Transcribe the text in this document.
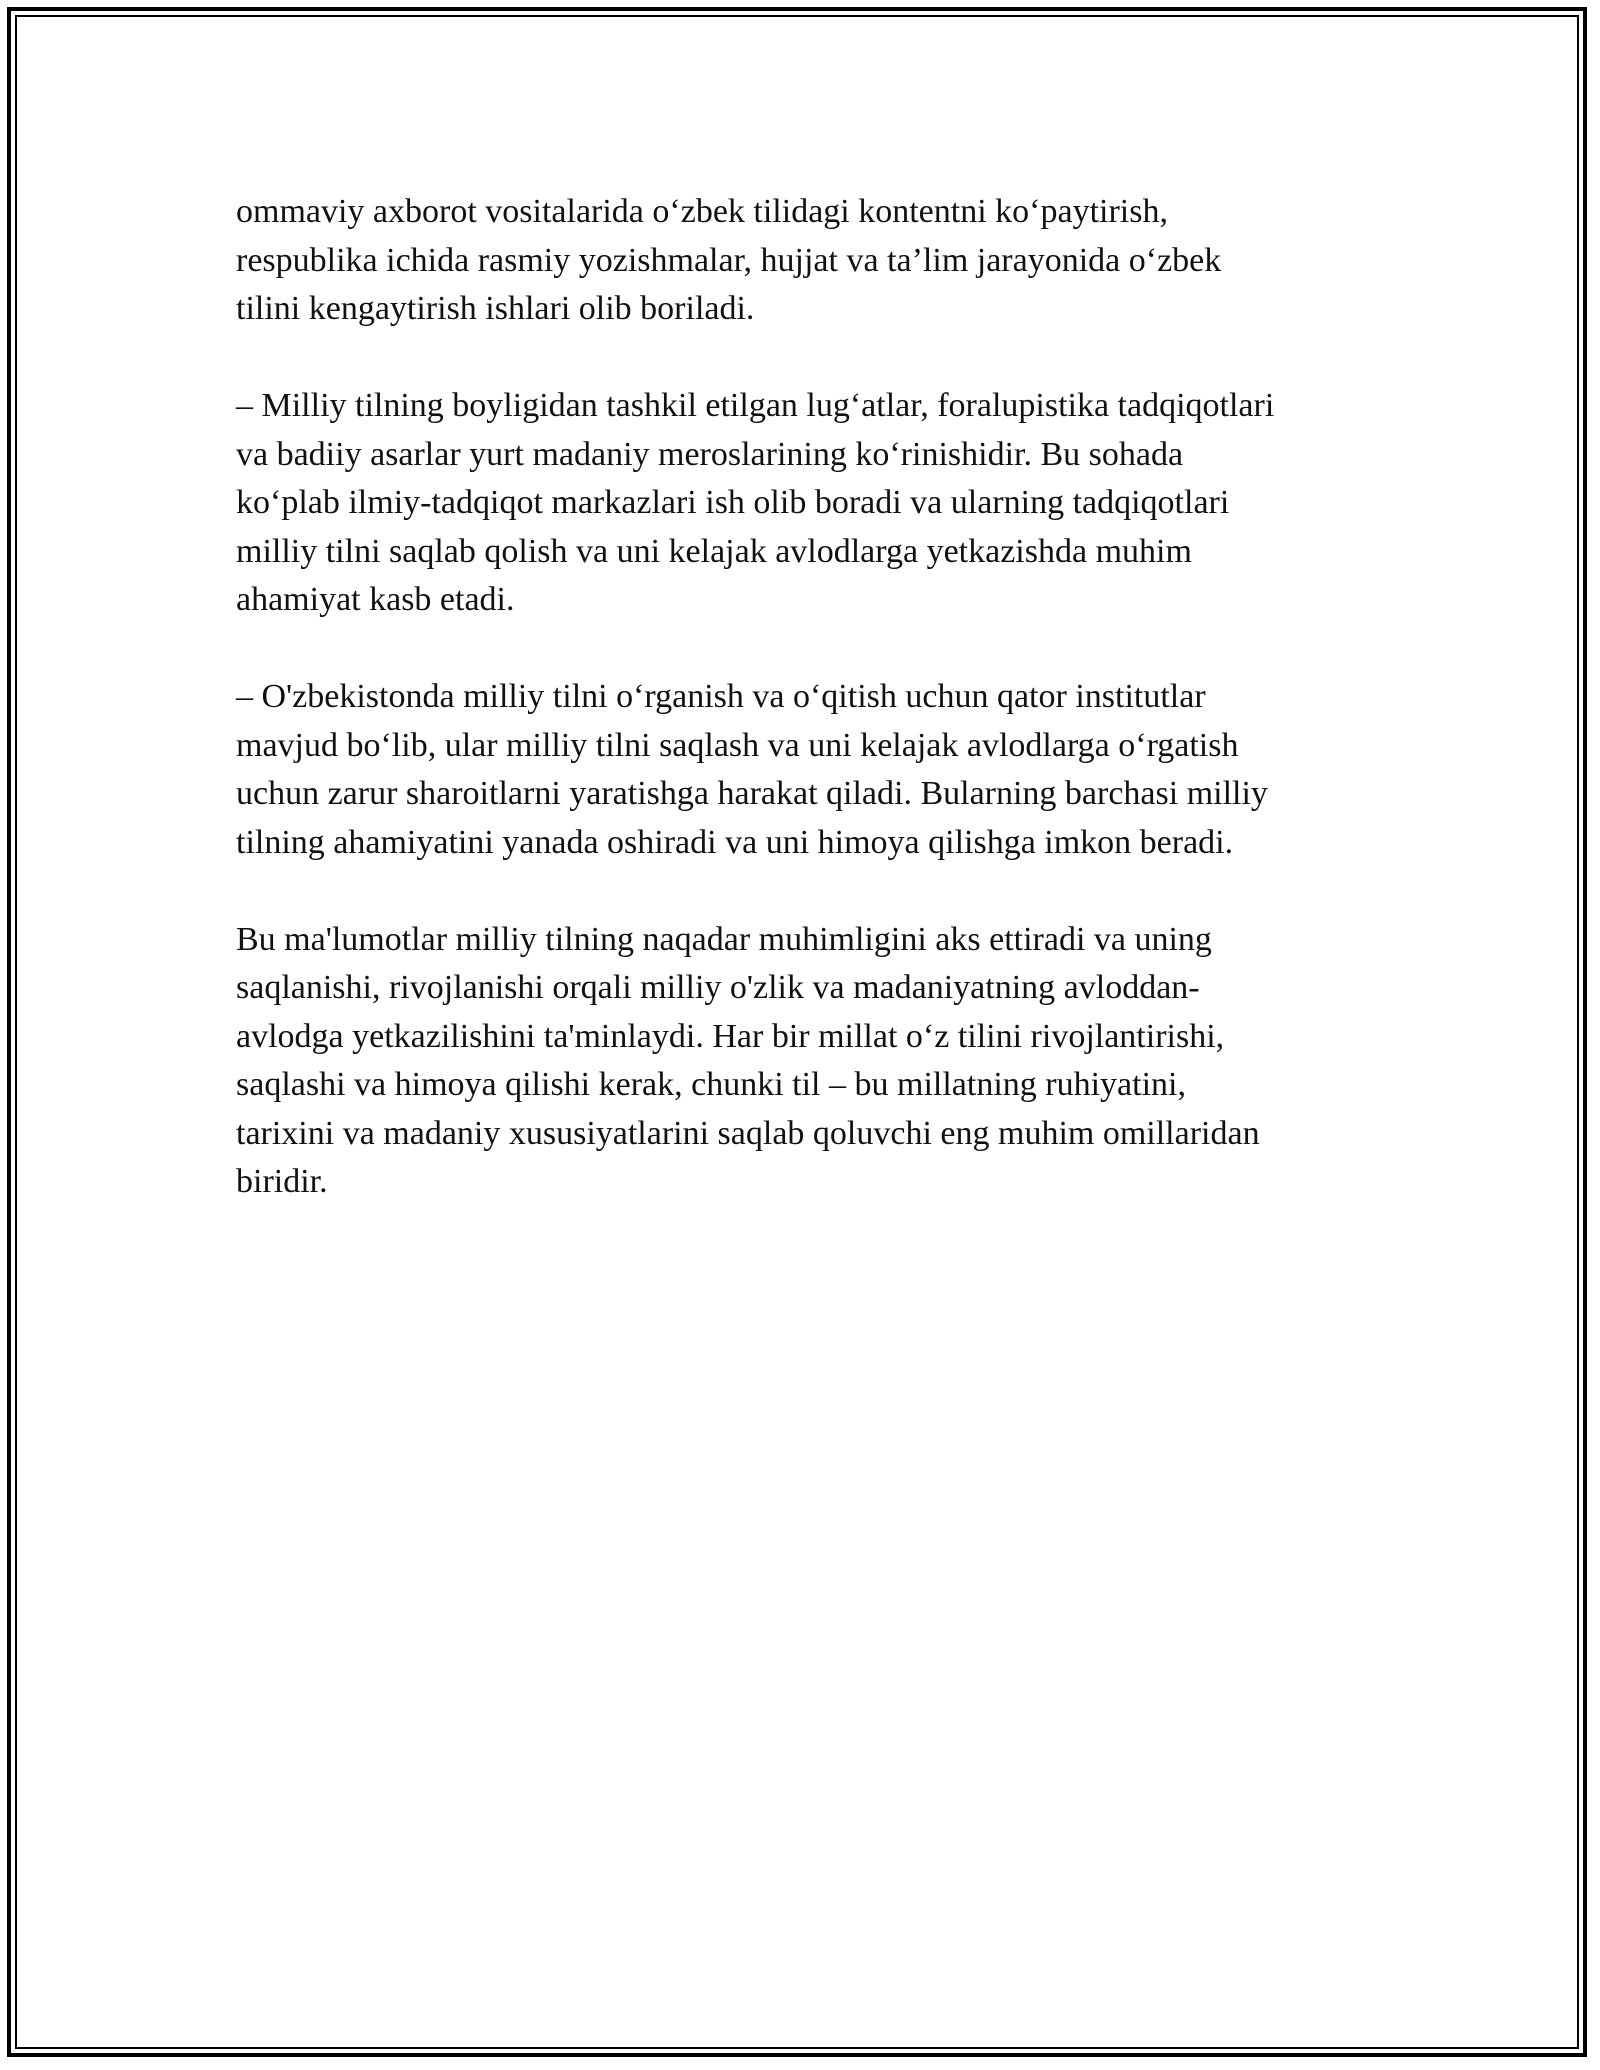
ommaviy axborot vositalarida o‘zbek tilidagi kontentni ko‘paytirish,
respublika ichida rasmiy yozishmalar, hujjat va ta’lim jarayonida o‘zbek
tilini kengaytirish ishlari olib boriladi.

– Milliy tilning boyligidan tashkil etilgan lug‘atlar, foralupistika tadqiqotlari
va badiiy asarlar yurt madaniy meroslarining ko‘rinishidir. Bu sohada
ko‘plab ilmiy-tadqiqot markazlari ish olib boradi va ularning tadqiqotlari
milliy tilni saqlab qolish va uni kelajak avlodlarga yetkazishda muhim
ahamiyat kasb etadi.

– O'zbekistonda milliy tilni o‘rganish va o‘qitish uchun qator institutlar
mavjud bo‘lib, ular milliy tilni saqlash va uni kelajak avlodlarga o‘rgatish
uchun zarur sharoitlarni yaratishga harakat qiladi. Bularning barchasi milliy
tilning ahamiyatini yanada oshiradi va uni himoya qilishga imkon beradi.

Bu ma'lumotlar milliy tilning naqadar muhimligini aks ettiradi va uning
saqlanishi, rivojlanishi orqali milliy o'zlik va madaniyatning avloddan-
avlodga yetkazilishini ta'minlaydi. Har bir millat o‘z tilini rivojlantirishi,
saqlashi va himoya qilishi kerak, chunki til – bu millatning ruhiyatini,
tarixini va madaniy xususiyatlarini saqlab qoluvchi eng muhim omillaridan
biridir.
